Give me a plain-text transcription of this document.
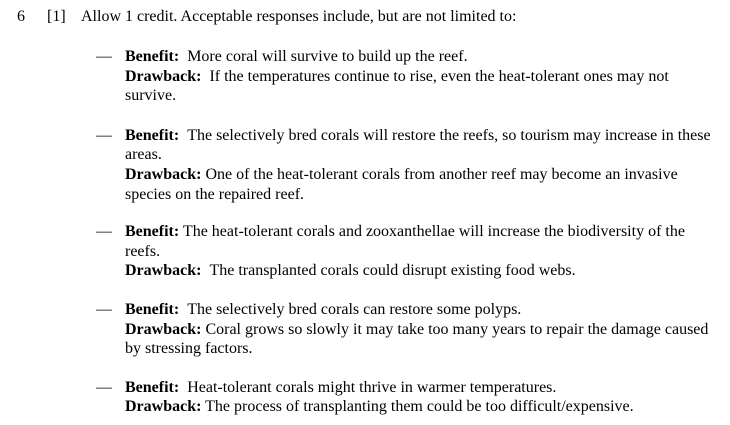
6 [1] Allow 1 credit. Acceptable responses include, but are not limited to:
— Benefit: More coral will survive to build up the reef.
Drawback: If the temperatures continue to rise, even the heat-tolerant ones may not survive.
— Benefit: The selectively bred corals will restore the reefs, so tourism may increase in these areas.
Drawback: One of the heat-tolerant corals from another reef may become an invasive species on the repaired reef.
— Benefit: The heat-tolerant corals and zooxanthellae will increase the biodiversity of the reefs.
Drawback: The transplanted corals could disrupt existing food webs.
— Benefit: The selectively bred corals can restore some polyps.
Drawback: Coral grows so slowly it may take too many years to repair the damage caused by stressing factors.
— Benefit: Heat-tolerant corals might thrive in warmer temperatures.
Drawback: The process of transplanting them could be too difficult/expensive.
